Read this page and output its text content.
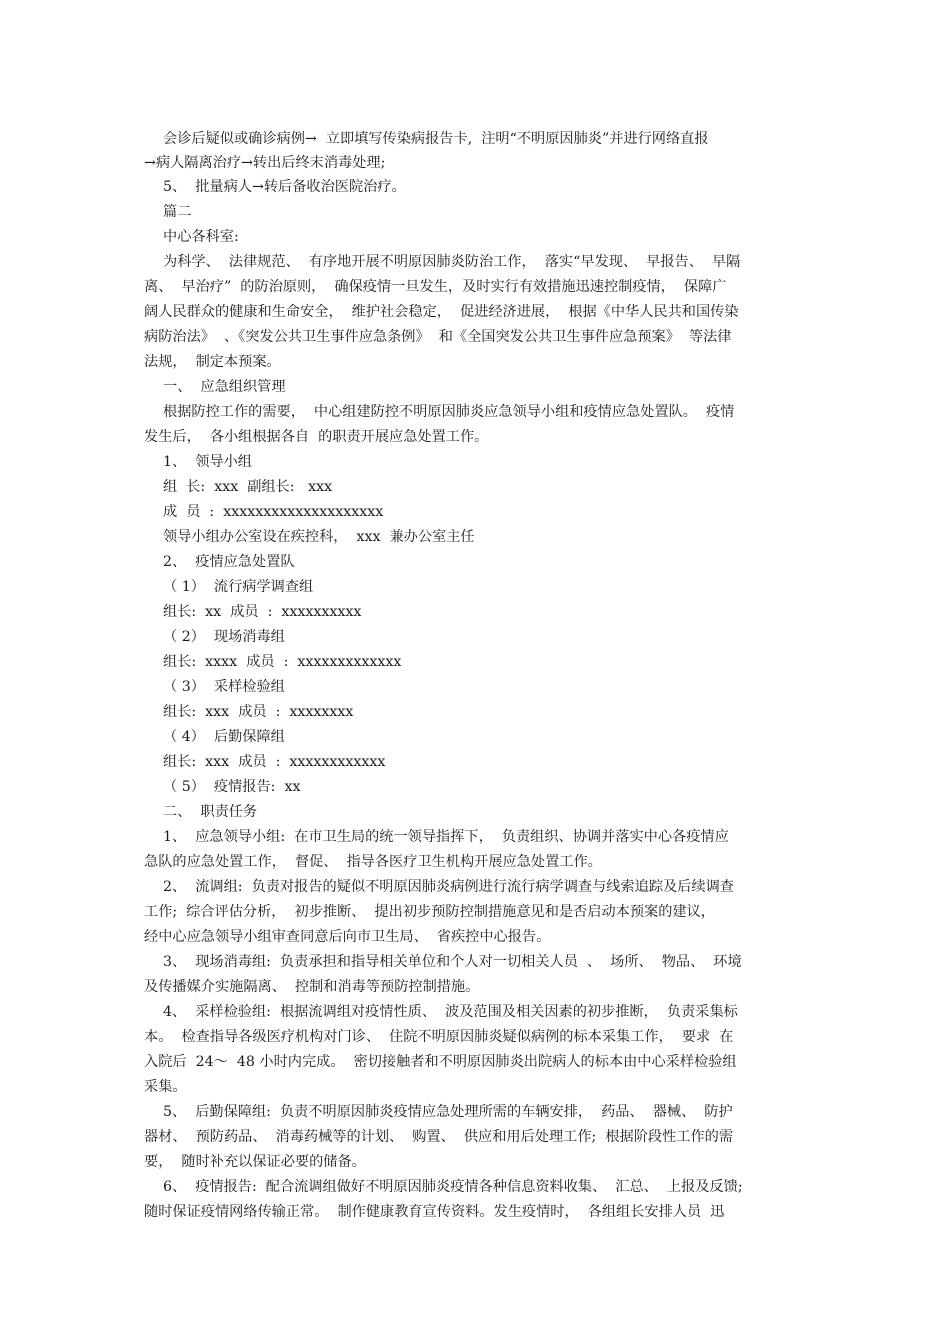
会诊后疑似或确诊病例→  立即填写传染病报告卡,  注明“不明原因肺炎”并进行网络直报
→病人隔离治疗→转出后终末消毒处理;
5、  批量病人→转后备收治医院治疗。
篇二
中心各科室:
为科学、  法律规范、  有序地开展不明原因肺炎防治工作，  落实“早发现、  早报告、  早隔
离、  早治疗”  的防治原则，  确保疫情一旦发生，及时实行有效措施迅速控制疫情，  保障广
阔人民群众的健康和生命安全，  维护社会稳定，  促进经济进展，  根据《中华人民共和国传染
病防治法》  、《突发公共卫生事件应急条例》  和《全国突发公共卫生事件应急预案》  等法律
法规，  制定本预案。
一、  应急组织管理
根据防控工作的需要，  中心组建防控不明原因肺炎应急领导小组和疫情应急处置队。  疫情
发生后，  各小组根据各自  的职责开展应急处置工作。
1、  领导小组
组  长:  xxx  副组长:   xxx
成  员  :  xxxxxxxxxxxxxxxxxxxx
领导小组办公室设在疾控科，  xxx  兼办公室主任
2、  疫情应急处置队
（ 1）  流行病学调查组
组长:  xx  成员  :  xxxxxxxxxx
（ 2）  现场消毒组
组长:  xxxx  成员  :  xxxxxxxxxxxxx
（ 3）  采样检验组
组长:  xxx  成员  :  xxxxxxxx
（ 4）  后勤保障组
组长:  xxx  成员  :  xxxxxxxxxxxx
（ 5）  疫情报告:  xx
二、  职责任务
1、  应急领导小组:  在市卫生局的统一领导指挥下，  负责组织、协调并落实中心各疫情应
急队的应急处置工作，  督促、  指导各医疗卫生机构开展应急处置工作。
2、  流调组:  负责对报告的疑似不明原因肺炎病例进行流行病学调查与线索追踪及后续调查
工作;  综合评估分析，  初步推断、  提出初步预防控制措施意见和是否启动本预案的建议，
经中心应急领导小组审查同意后向市卫生局、  省疾控中心报告。
3、  现场消毒组:  负责承担和指导相关单位和个人对一切相关人员  、  场所、  物品、  环境
及传播媒介实施隔离、  控制和消毒等预防控制措施。
4、  采样检验组:  根据流调组对疫情性质、  波及范围及相关因素的初步推断，  负责采集标
本。  检查指导各级医疗机构对门诊、  住院不明原因肺炎疑似病例的标本采集工作，  要求  在
入院后  24～  48 小时内完成。  密切接触者和不明原因肺炎出院病人的标本由中心采样检验组
采集。
5、  后勤保障组:  负责不明原因肺炎疫情应急处理所需的车辆安排，  药品、  器械、  防护
器材、  预防药品、  消毒药械等的计划、  购置、  供应和用后处理工作;  根据阶段性工作的需
要，  随时补充以保证必要的储备。
6、  疫情报告:  配合流调组做好不明原因肺炎疫情各种信息资料收集、  汇总、  上报及反馈;
随时保证疫情网络传输正常。  制作健康教育宣传资料。发生疫情时，  各组组长安排人员  迅
